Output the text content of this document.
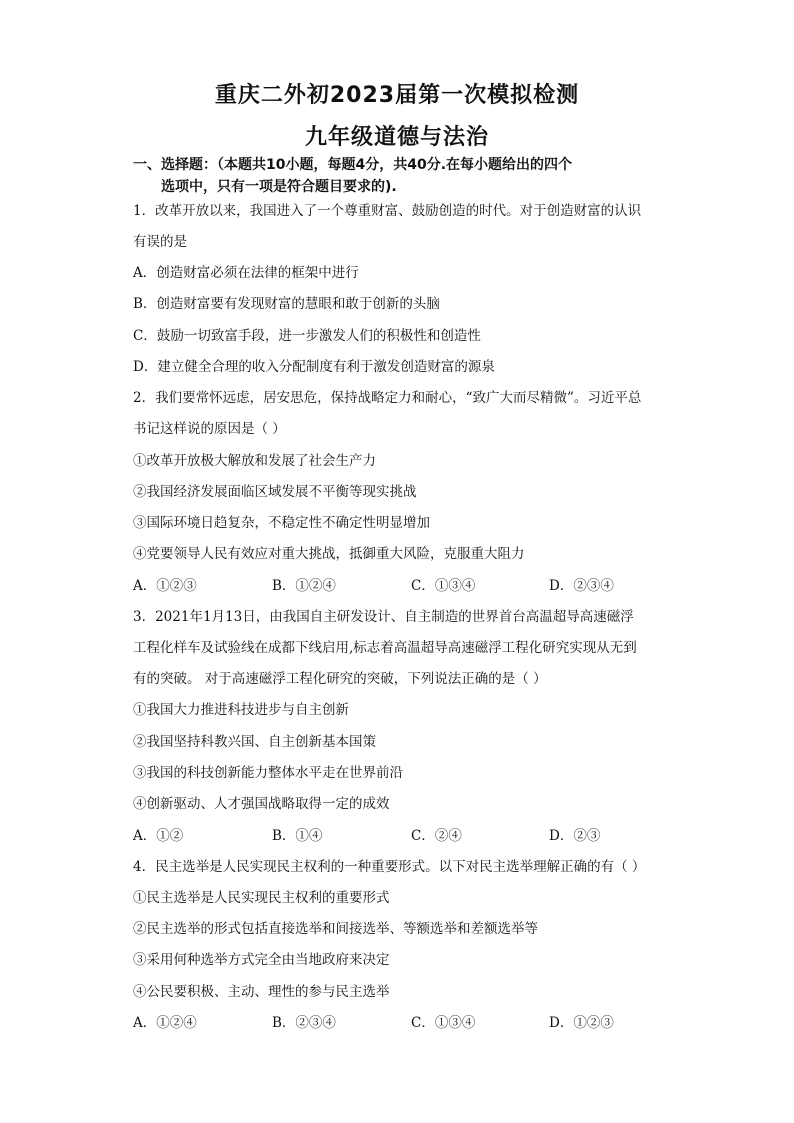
重庆二外初2023届第一次模拟检测
九年级道德与法治
一、选择题：（本题共10小题，每题4分，共40分.在每小题给出的四个
选项中，只有一项是符合题目要求的).
1．改革开放以来，我国进入了一个尊重财富、鼓励创造的时代。对于创造财富的认识
有误的是
A．创造财富必须在法律的框架中进行
B．创造财富要有发现财富的慧眼和敢于创新的头脑
C．鼓励一切致富手段，进一步激发人们的积极性和创造性
D．建立健全合理的收入分配制度有利于激发创造财富的源泉
2．我们要常怀远虑，居安思危，保持战略定力和耐心，“致广大而尽精微”。习近平总
书记这样说的原因是（ ）
①改革开放极大解放和发展了社会生产力
②我国经济发展面临区域发展不平衡等现实挑战
③国际环境日趋复杂，不稳定性不确定性明显增加
④党要领导人民有效应对重大挑战，抵御重大风险，克服重大阻力
A．①②③	B．①②④	C．①③④	D．②③④
3．2021年1月13日，由我国自主研发设计、自主制造的世界首台高温超导高速磁浮
工程化样车及试验线在成都下线启用,标志着高温超导高速磁浮工程化研究实现从无到
有的突破。 对于高速磁浮工程化研究的突破，下列说法正确的是（ ）
①我国大力推进科技进步与自主创新
②我国坚持科教兴国、自主创新基本国策
③我国的科技创新能力整体水平走在世界前沿
④创新驱动、人才强国战略取得一定的成效
A．①②	B．①④	C．②④	D．②③
4．民主选举是人民实现民主权利的一种重要形式。以下对民主选举理解正确的有（ ）
①民主选举是人民实现民主权利的重要形式
②民主选举的形式包括直接选举和间接选举、等额选举和差额选举等
③采用何种选举方式完全由当地政府来决定
④公民要积极、主动、理性的参与民主选举
A．①②④	B．②③④	C．①③④	D．①②③
